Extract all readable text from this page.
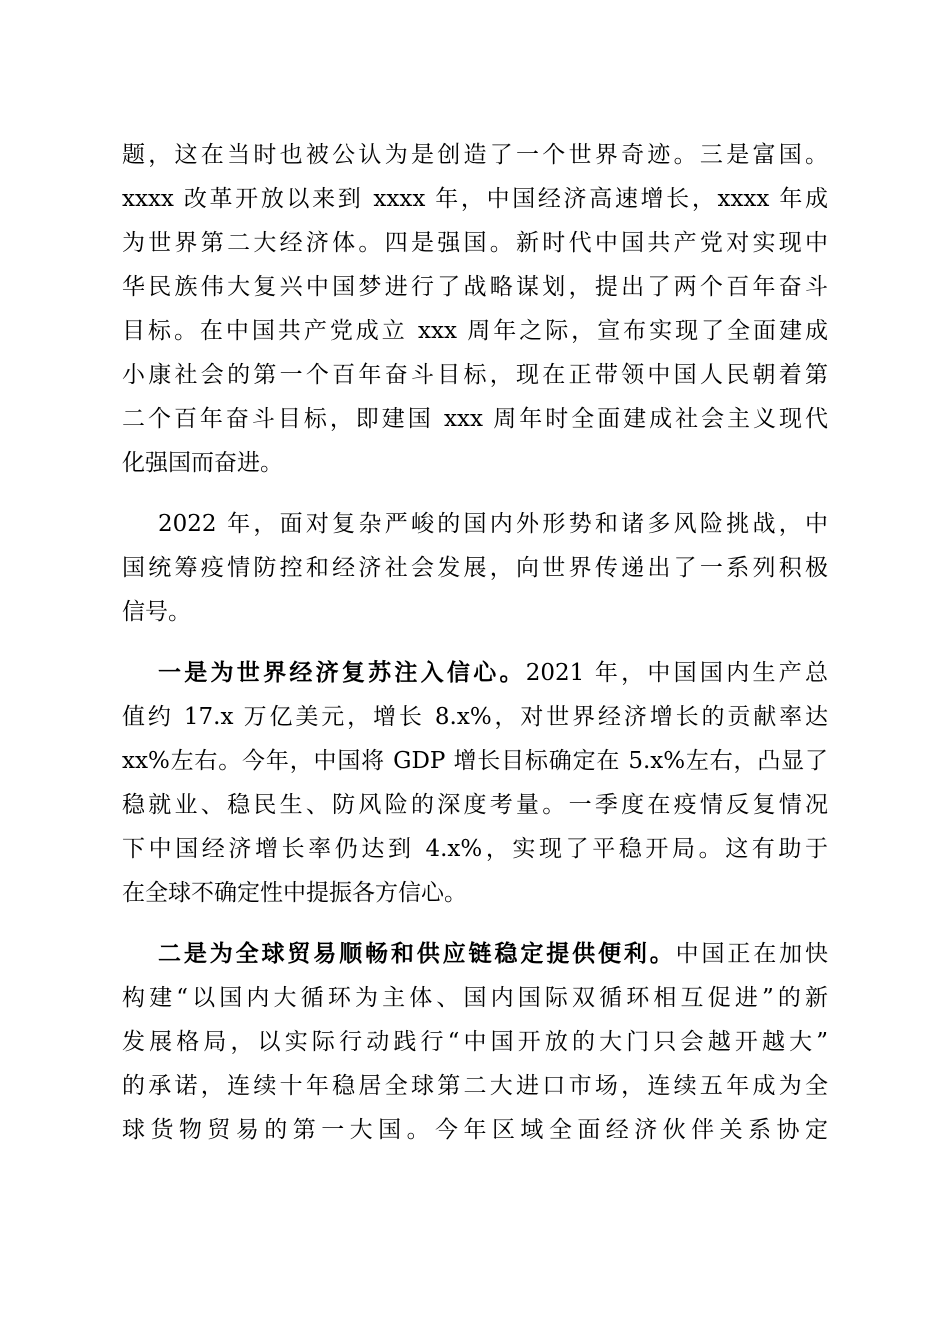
题，这在当时也被公认为是创造了一个世界奇迹。三是富国。
xxxx 改革开放以来到 xxxx 年，中国经济高速增长，xxxx 年成
为世界第二大经济体。四是强国。新时代中国共产党对实现中
华民族伟大复兴中国梦进行了战略谋划，提出了两个百年奋斗
目标。在中国共产党成立 xxx 周年之际，宣布实现了全面建成
小康社会的第一个百年奋斗目标，现在正带领中国人民朝着第
二个百年奋斗目标，即建国 xxx 周年时全面建成社会主义现代
化强国而奋进。
2022 年，面对复杂严峻的国内外形势和诸多风险挑战，中
国统筹疫情防控和经济社会发展，向世界传递出了一系列积极
信号。
一是为世界经济复苏注入信心。2021 年，中国国内生产总
值约 17.x 万亿美元，增长 8.x%，对世界经济增长的贡献率达
xx%左右。今年，中国将 GDP 增长目标确定在 5.x%左右，凸显了
稳就业、稳民生、防风险的深度考量。一季度在疫情反复情况
下中国经济增长率仍达到 4.x%，实现了平稳开局。这有助于
在全球不确定性中提振各方信心。
二是为全球贸易顺畅和供应链稳定提供便利。中国正在加快
构建“以国内大循环为主体、国内国际双循环相互促进”的新
发展格局，以实际行动践行“中国开放的大门只会越开越大”
的承诺，连续十年稳居全球第二大进口市场，连续五年成为全
球货物贸易的第一大国。今年区域全面经济伙伴关系协定
